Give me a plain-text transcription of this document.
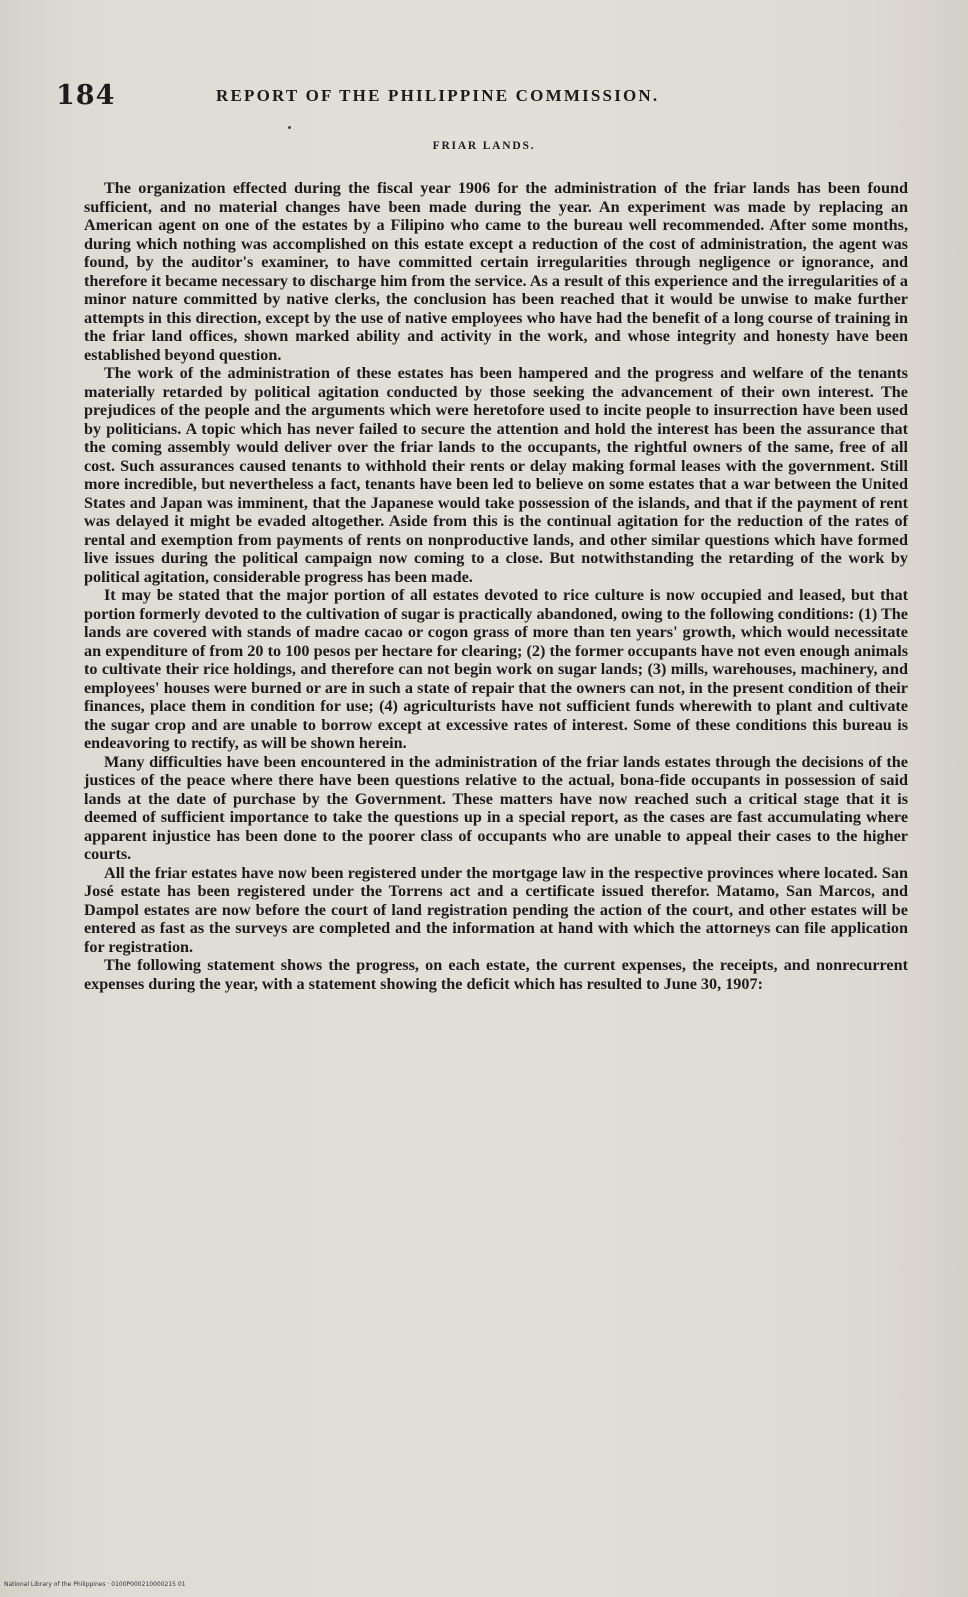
184	REPORT OF THE PHILIPPINE COMMISSION.
FRIAR LANDS.

The organization effected during the fiscal year 1906 for the administration of the friar lands has been found sufficient, and no material changes have been made during the year. An experiment was made by replacing an American agent on one of the estates by a Filipino who came to the bureau well recommended. After some months, during which nothing was accomplished on this estate except a reduction of the cost of administration, the agent was found, by the auditor's examiner, to have committed certain irregularities through negligence or ignorance, and therefore it became necessary to discharge him from the service. As a result of this experience and the irregularities of a minor nature committed by native clerks, the conclusion has been reached that it would be unwise to make further attempts in this direction, except by the use of native employees who have had the benefit of a long course of training in the friar land offices, shown marked ability and activity in the work, and whose integrity and honesty have been established beyond question.

The work of the administration of these estates has been hampered and the progress and welfare of the tenants materially retarded by political agitation conducted by those seeking the advancement of their own interest. The prejudices of the people and the arguments which were heretofore used to incite people to insurrection have been used by politicians. A topic which has never failed to secure the attention and hold the interest has been the assurance that the coming assembly would deliver over the friar lands to the occupants, the rightful owners of the same, free of all cost. Such assurances caused tenants to withhold their rents or delay making formal leases with the government. Still more incredible, but nevertheless a fact, tenants have been led to believe on some estates that a war between the United States and Japan was imminent, that the Japanese would take possession of the islands, and that if the payment of rent was delayed it might be evaded altogether. Aside from this is the continual agitation for the reduction of the rates of rental and exemption from payments of rents on nonproductive lands, and other similar questions which have formed live issues during the political campaign now coming to a close. But notwithstanding the retarding of the work by political agitation, considerable progress has been made.

It may be stated that the major portion of all estates devoted to rice culture is now occupied and leased, but that portion formerly devoted to the cultivation of sugar is practically abandoned, owing to the following conditions: (1) The lands are covered with stands of madre cacao or cogon grass of more than ten years' growth, which would necessitate an expenditure of from 20 to 100 pesos per hectare for clearing; (2) the former occupants have not even enough animals to cultivate their rice holdings, and therefore can not begin work on sugar lands; (3) mills, warehouses, machinery, and employees' houses were burned or are in such a state of repair that the owners can not, in the present condition of their finances, place them in condition for use; (4) agriculturists have not sufficient funds wherewith to plant and cultivate the sugar crop and are unable to borrow except at excessive rates of interest. Some of these conditions this bureau is endeavoring to rectify, as will be shown herein.

Many difficulties have been encountered in the administration of the friar lands estates through the decisions of the justices of the peace where there have been questions relative to the actual, bona-fide occupants in possession of said lands at the date of purchase by the Government. These matters have now reached such a critical stage that it is deemed of sufficient importance to take the questions up in a special report, as the cases are fast accumulating where apparent injustice has been done to the poorer class of occupants who are unable to appeal their cases to the higher courts.

All the friar estates have now been registered under the mortgage law in the respective provinces where located. San José estate has been registered under the Torrens act and a certificate issued therefor. Matamo, San Marcos, and Dampol estates are now before the court of land registration pending the action of the court, and other estates will be entered as fast as the surveys are completed and the information at hand with which the attorneys can file application for registration.

The following statement shows the progress, on each estate, the current expenses, the receipts, and nonrecurrent expenses during the year, with a statement showing the deficit which has resulted to June 30, 1907:

National Library of the Philippines · 0100P000210000215 01
